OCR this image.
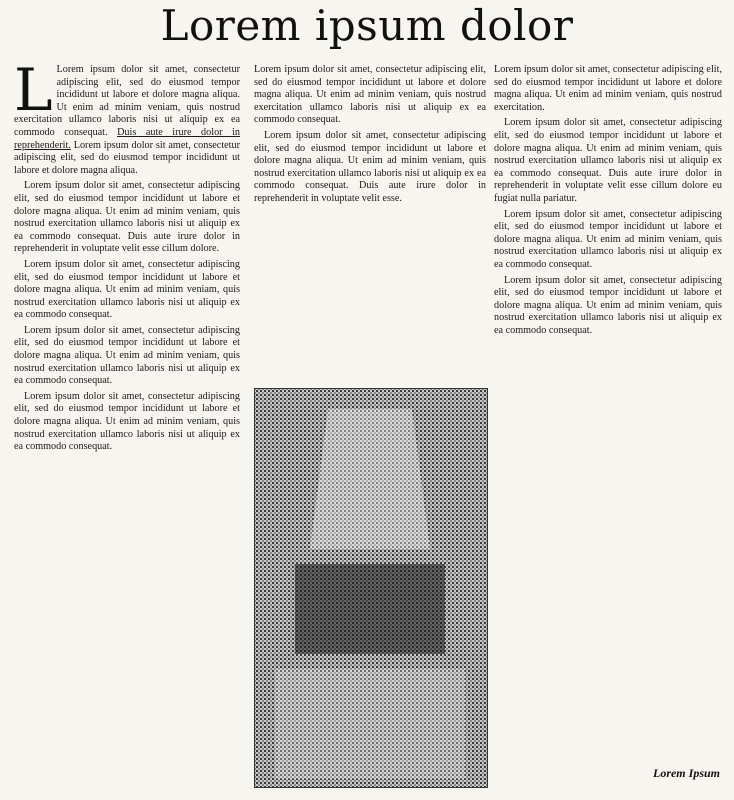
Lorem ipsum dolor

L Lorem ipsum dolor sit amet, consectetur adipiscing elit, sed do eiusmod tempor incididunt ut labore et dolore magna aliqua. Ut enim ad minim veniam, quis nostrud exercitation ullamco laboris nisi ut aliquip ex ea commodo consequat. Duis aute irure dolor in reprehenderit. Lorem ipsum dolor sit amet, consectetur adipiscing elit, sed do eiusmod tempor incididunt ut labore et dolore magna aliqua.

Lorem ipsum dolor sit amet, consectetur adipiscing elit, sed do eiusmod tempor incididunt ut labore et dolore magna aliqua. Ut enim ad minim veniam, quis nostrud exercitation ullamco laboris nisi ut aliquip ex ea commodo consequat. Duis aute irure dolor in reprehenderit in voluptate velit esse cillum dolore.

Lorem ipsum dolor sit amet, consectetur adipiscing elit, sed do eiusmod tempor incididunt ut labore et dolore magna aliqua. Ut enim ad minim veniam, quis nostrud exercitation ullamco laboris nisi ut aliquip ex ea commodo consequat.

Lorem ipsum dolor sit amet, consectetur adipiscing elit, sed do eiusmod tempor incididunt ut labore et dolore magna aliqua. Ut enim ad minim veniam, quis nostrud exercitation ullamco laboris nisi ut aliquip ex ea commodo consequat.

Lorem ipsum dolor sit amet, consectetur adipiscing elit, sed do eiusmod tempor incididunt ut labore et dolore magna aliqua. Ut enim ad minim veniam, quis nostrud exercitation ullamco laboris nisi ut aliquip ex ea commodo consequat.

Lorem ipsum dolor sit amet, consectetur adipiscing elit, sed do eiusmod tempor incididunt ut labore et dolore magna aliqua. Ut enim ad minim veniam, quis nostrud exercitation ullamco laboris nisi ut aliquip ex ea commodo consequat.

Lorem ipsum dolor sit amet, consectetur adipiscing elit, sed do eiusmod tempor incididunt ut labore et dolore magna aliqua. Ut enim ad minim veniam, quis nostrud exercitation ullamco laboris nisi ut aliquip ex ea commodo consequat. Duis aute irure dolor in reprehenderit in voluptate velit esse.

Lorem ipsum dolor sit amet, consectetur adipiscing elit, sed do eiusmod tempor incididunt ut labore et dolore magna aliqua. Ut enim ad minim veniam, quis nostrud exercitation.

Lorem ipsum dolor sit amet, consectetur adipiscing elit, sed do eiusmod tempor incididunt ut labore et dolore magna aliqua. Ut enim ad minim veniam, quis nostrud exercitation ullamco laboris nisi ut aliquip ex ea commodo consequat. Duis aute irure dolor in reprehenderit in voluptate velit esse cillum dolore eu fugiat nulla pariatur.

Lorem ipsum dolor sit amet, consectetur adipiscing elit, sed do eiusmod tempor incididunt ut labore et dolore magna aliqua. Ut enim ad minim veniam, quis nostrud exercitation ullamco laboris nisi ut aliquip ex ea commodo consequat.

Lorem ipsum dolor sit amet, consectetur adipiscing elit, sed do eiusmod tempor incididunt ut labore et dolore magna aliqua. Ut enim ad minim veniam, quis nostrud exercitation ullamco laboris nisi ut aliquip ex ea commodo consequat.

Lorem Ipsum
